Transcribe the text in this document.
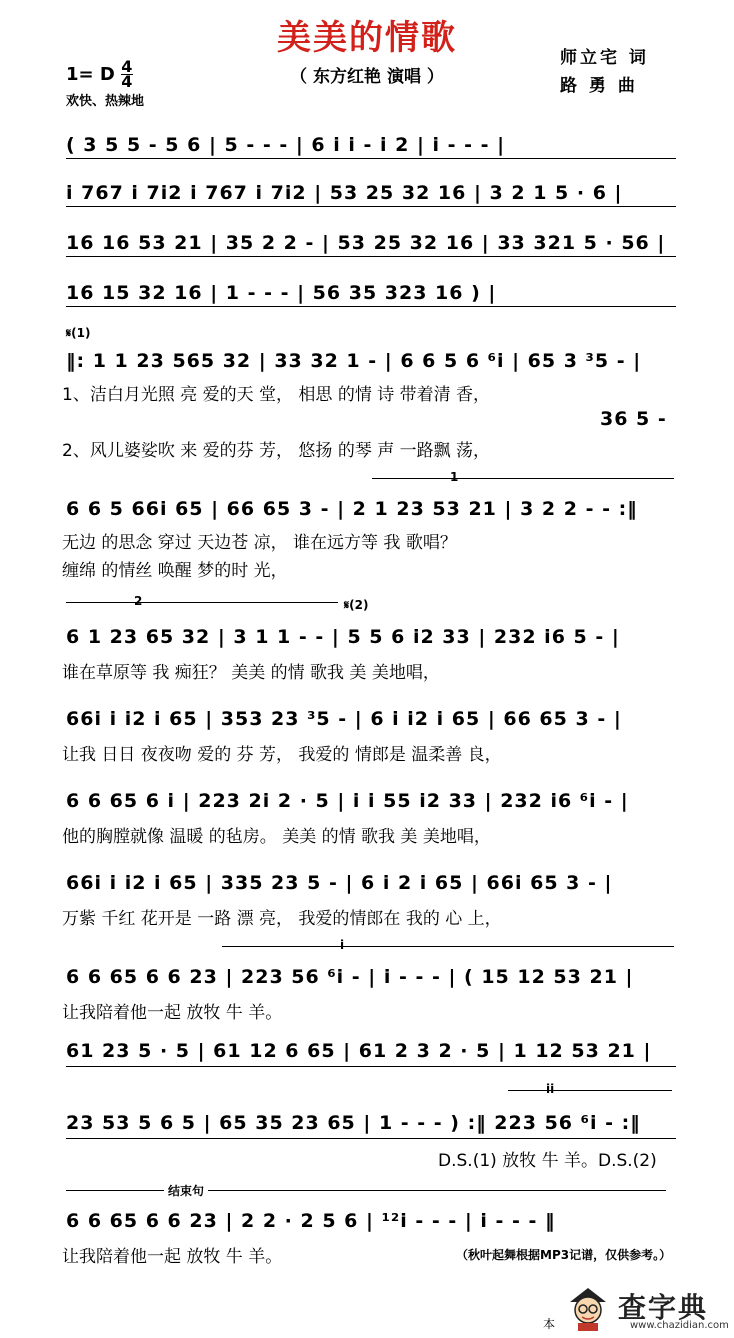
美美的情歌
（ 东方红艳 演唱 ）
师立宅 词
路 勇 曲
1= D $\frac{4}{4}$
欢快、热辣地
( 3 5 5 - 5 6 | 5 - - - | 6 i i - i 2 | i - - - |
i 767 i 7i2 i 767 i 7i2 | 53 25 32 16 | 3 2 1 5 · 6 |
16 16 53 21 | 35 2 2 - | 53 25 32 16 | 33 321 5 · 56 |
16 15 32 16 | 1 - - - | 56 35 323 16 ) |
𝄋(1)
‖: 1 1 23 565 32 | 33 32 1 - | 6 6 5 6 ⁶i | 65 3 ³5 - |
1、洁白月光照 亮 爱的天 堂， 相思 的情 诗 带着清 香，
36 5 -
2、风儿婆娑吹 来 爱的芬 芳， 悠扬 的琴 声 一路飘 荡，
1
6 6 5 66i 65 | 66 65 3 - | 2 1 23 53 21 | 3 2 2 - - :‖
无边 的思念 穿过 天边苍 凉， 谁在远方等 我 歌唱？
缠绵 的情丝 唤醒 梦的时 光，
2	𝄋(2)
6 1 23 65 32 | 3 1 1 - - | 5 5 6 i2 33 | 232 i6 5 - |
谁在草原等 我 痴狂？ 美美 的情 歌我 美 美地唱，
66i i i2 i 65 | 353 23 ³5 - | 6 i i2 i 65 | 66 65 3 - |
让我 日日 夜夜吻 爱的 芬 芳， 我爱的 情郎是 温柔善 良，
6 6 65 6 i | 223 2i 2 · 5 | i i 55 i2 33 | 232 i6 ⁶i - |
他的胸膛就像 温暖 的毡房。 美美 的情 歌我 美 美地唱，
66i i i2 i 65 | 335 23 5 - | 6 i 2 i 65 | 66i 65 3 - |
万紫 千红 花开是 一路 漂 亮， 我爱的情郎在 我的 心 上，
i
6 6 65 6 6 23 | 223 56 ⁶i - | i - - - | ( 15 12 53 21 |
让我陪着他一起 放牧 牛 羊。
61 23 5 · 5 | 61 12 6 65 | 61 2 3 2 · 5 | 1 12 53 21 |
ii
23 53 5 6 5 | 65 35 23 65 | 1 - - - ) :‖ 223 56 ⁶i - :‖
D.S.(1) 放牧 牛 羊。D.S.(2)
结束句
6 6 65 6 6 23 | 2 2 · 2 5 6 | ¹²i - - - | i - - - ‖
让我陪着他一起 放牧 牛 羊。	（秋叶起舞根据MP3记谱，仅供参考。）
本 查字典
www.chazidian.com
